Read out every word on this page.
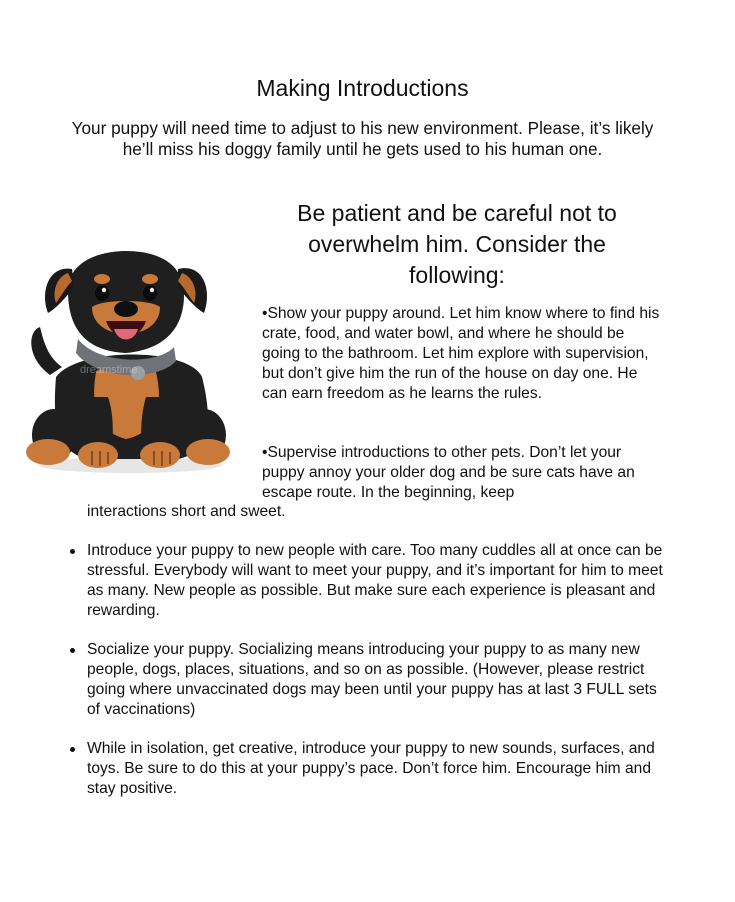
Making Introductions
Your puppy will need time to adjust to his new environment. Please, it’s likely he’ll miss his doggy family until he gets used to his human one.
Be patient and be careful not to overwhelm him. Consider the following:
dreamstime

•Show your puppy around. Let him know where to find his crate, food, and water bowl, and where he should be going to the bathroom. Let him explore with supervision, but don’t give him the run of the house on day one. He can earn freedom as he learns the rules.

•Supervise introductions to other pets. Don’t let your puppy annoy your older dog and be sure cats have an escape route. In the beginning, keep

interactions short and sweet.

Introduce your puppy to new people with care. Too many cuddles all at once can be stressful. Everybody will want to meet your puppy, and it’s important for him to meet as many. New people as possible. But make sure each experience is pleasant and rewarding.
Socialize your puppy. Socializing means introducing your puppy to as many new people, dogs, places, situations, and so on as possible. (However, please restrict going where unvaccinated dogs may been until your puppy has at last 3 FULL sets of vaccinations)
While in isolation, get creative, introduce your puppy to new sounds, surfaces, and toys. Be sure to do this at your puppy’s pace. Don’t force him. Encourage him and stay positive.
